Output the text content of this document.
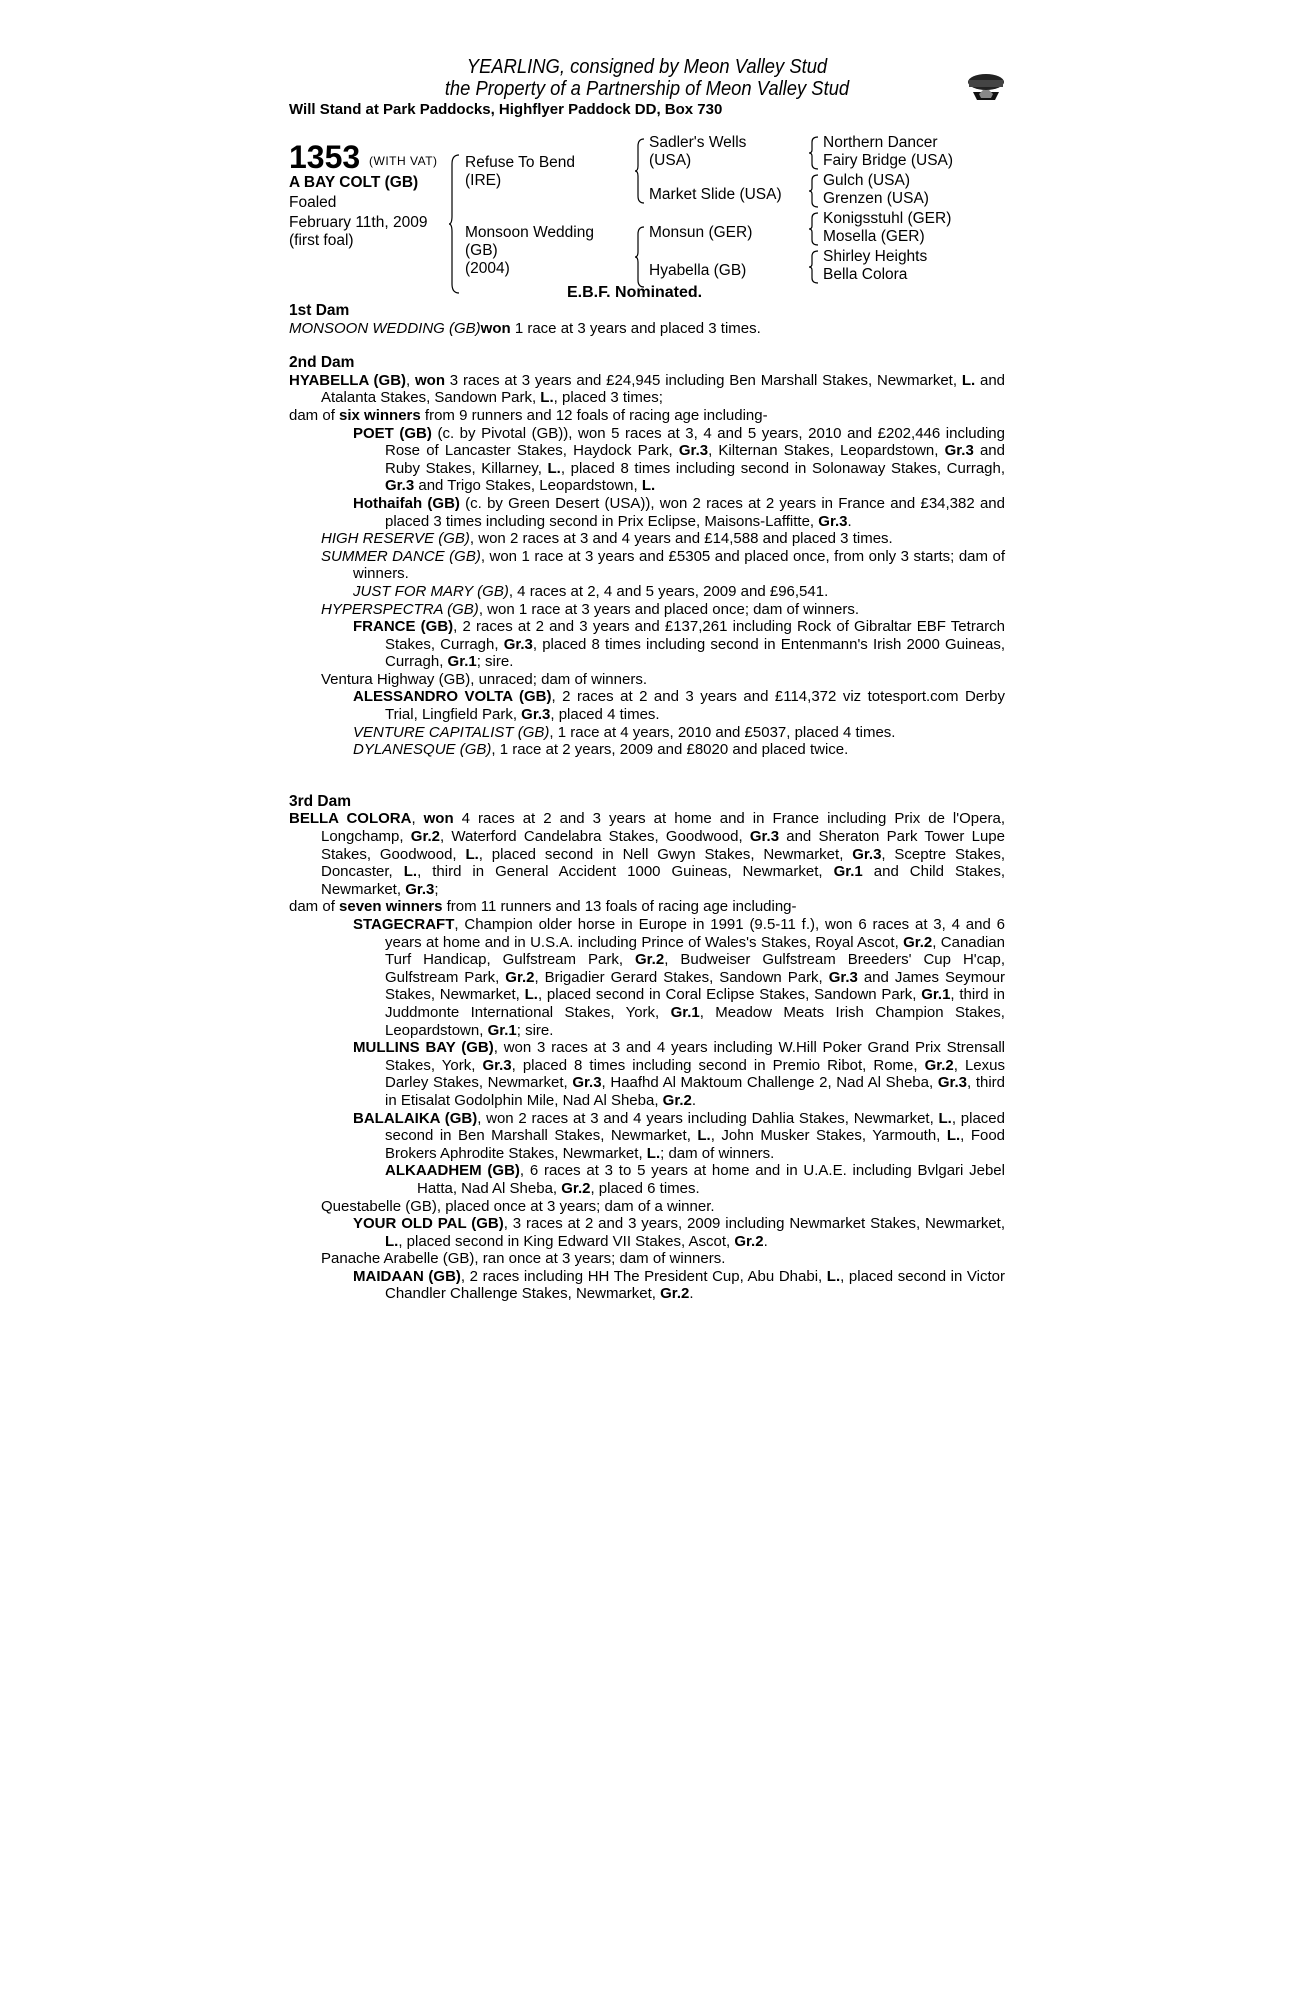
YEARLING, consigned by Meon Valley Stud
the Property of a Partnership of Meon Valley Stud
Will Stand at Park Paddocks, Highflyer Paddock DD, Box 730
1353 (WITH VAT)
A BAY COLT (GB)
Foaled
February 11th, 2009
(first foal)
Refuse To Bend
(IRE)
Monsoon Wedding
(GB)
(2004)
Sadler's Wells
(USA)
Market Slide (USA)
Monsun (GER)
Hyabella (GB)
Northern Dancer
Fairy Bridge (USA)
Gulch (USA)
Grenzen (USA)
Konigsstuhl (GER)
Mosella (GER)
Shirley Heights
Bella Colora
E.B.F. Nominated.

1st Dam

MONSOON WEDDING (GB)won 1 race at 3 years and placed 3 times.

2nd Dam

HYABELLA (GB), won 3 races at 3 years and £24,945 including Ben Marshall Stakes, Newmarket, L. and Atalanta Stakes, Sandown Park, L., placed 3 times;

dam of six winners from 9 runners and 12 foals of racing age including-

POET (GB) (c. by Pivotal (GB)), won 5 races at 3, 4 and 5 years, 2010 and £202,446 including Rose of Lancaster Stakes, Haydock Park, Gr.3, Kilternan Stakes, Leopardstown, Gr.3 and Ruby Stakes, Killarney, L., placed 8 times including second in Solonaway Stakes, Curragh, Gr.3 and Trigo Stakes, Leopardstown, L.

Hothaifah (GB) (c. by Green Desert (USA)), won 2 races at 2 years in France and £34,382 and placed 3 times including second in Prix Eclipse, Maisons-Laffitte, Gr.3.

HIGH RESERVE (GB), won 2 races at 3 and 4 years and £14,588 and placed 3 times.

SUMMER DANCE (GB), won 1 race at 3 years and £5305 and placed once, from only 3 starts; dam of winners.

JUST FOR MARY (GB), 4 races at 2, 4 and 5 years, 2009 and £96,541.

HYPERSPECTRA (GB), won 1 race at 3 years and placed once; dam of winners.

FRANCE (GB), 2 races at 2 and 3 years and £137,261 including Rock of Gibraltar EBF Tetrarch Stakes, Curragh, Gr.3, placed 8 times including second in Entenmann's Irish 2000 Guineas, Curragh, Gr.1; sire.

Ventura Highway (GB), unraced; dam of winners.

ALESSANDRO VOLTA (GB), 2 races at 2 and 3 years and £114,372 viz totesport.com Derby Trial, Lingfield Park, Gr.3, placed 4 times.

VENTURE CAPITALIST (GB), 1 race at 4 years, 2010 and £5037, placed 4 times.

DYLANESQUE (GB), 1 race at 2 years, 2009 and £8020 and placed twice.

3rd Dam

BELLA COLORA, won 4 races at 2 and 3 years at home and in France including Prix de l'Opera, Longchamp, Gr.2, Waterford Candelabra Stakes, Goodwood, Gr.3 and Sheraton Park Tower Lupe Stakes, Goodwood, L., placed second in Nell Gwyn Stakes, Newmarket, Gr.3, Sceptre Stakes, Doncaster, L., third in General Accident 1000 Guineas, Newmarket, Gr.1 and Child Stakes, Newmarket, Gr.3;

dam of seven winners from 11 runners and 13 foals of racing age including-

STAGECRAFT, Champion older horse in Europe in 1991 (9.5-11 f.), won 6 races at 3, 4 and 6 years at home and in U.S.A. including Prince of Wales's Stakes, Royal Ascot, Gr.2, Canadian Turf Handicap, Gulfstream Park, Gr.2, Budweiser Gulfstream Breeders' Cup H'cap, Gulfstream Park, Gr.2, Brigadier Gerard Stakes, Sandown Park, Gr.3 and James Seymour Stakes, Newmarket, L., placed second in Coral Eclipse Stakes, Sandown Park, Gr.1, third in Juddmonte International Stakes, York, Gr.1, Meadow Meats Irish Champion Stakes, Leopardstown, Gr.1; sire.

MULLINS BAY (GB), won 3 races at 3 and 4 years including W.Hill Poker Grand Prix Strensall Stakes, York, Gr.3, placed 8 times including second in Premio Ribot, Rome, Gr.2, Lexus Darley Stakes, Newmarket, Gr.3, Haafhd Al Maktoum Challenge 2, Nad Al Sheba, Gr.3, third in Etisalat Godolphin Mile, Nad Al Sheba, Gr.2.

BALALAIKA (GB), won 2 races at 3 and 4 years including Dahlia Stakes, Newmarket, L., placed second in Ben Marshall Stakes, Newmarket, L., John Musker Stakes, Yarmouth, L., Food Brokers Aphrodite Stakes, Newmarket, L.; dam of winners.

ALKAADHEM (GB), 6 races at 3 to 5 years at home and in U.A.E. including Bvlgari Jebel Hatta, Nad Al Sheba, Gr.2, placed 6 times.

Questabelle (GB), placed once at 3 years; dam of a winner.

YOUR OLD PAL (GB), 3 races at 2 and 3 years, 2009 including Newmarket Stakes, Newmarket, L., placed second in King Edward VII Stakes, Ascot, Gr.2.

Panache Arabelle (GB), ran once at 3 years; dam of winners.

MAIDAAN (GB), 2 races including HH The President Cup, Abu Dhabi, L., placed second in Victor Chandler Challenge Stakes, Newmarket, Gr.2.
